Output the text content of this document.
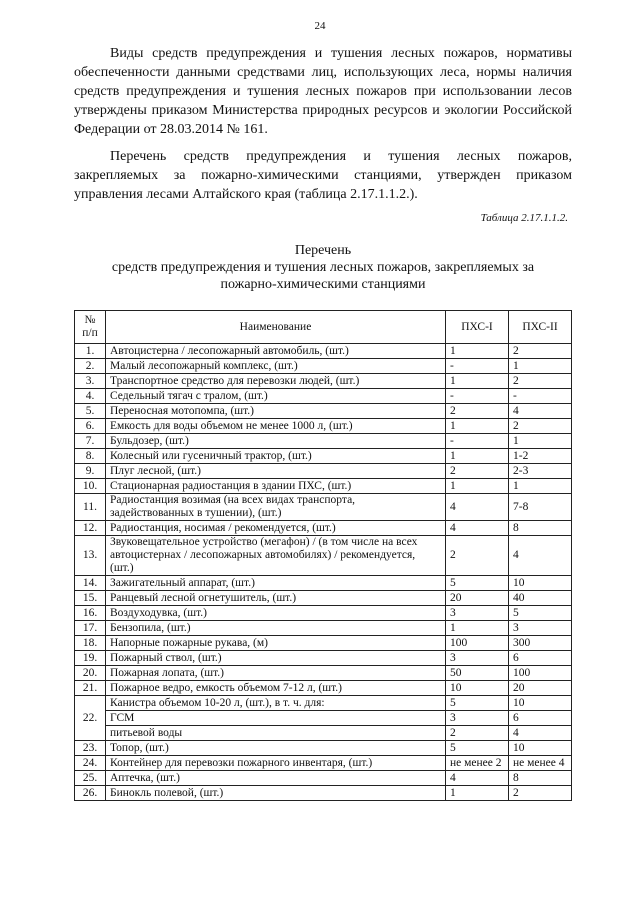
24

Виды средств предупреждения и тушения лесных пожаров, нормативы обеспеченности данными средствами лиц, использующих леса, нормы наличия средств предупреждения и тушения лесных пожаров при использовании лесов утверждены приказом Министерства природных ресурсов и экологии Российской Федерации от 28.03.2014 № 161.

Перечень средств предупреждения и тушения лесных пожаров, закрепляемых за пожарно-химическими станциями, утвержден приказом управления лесами Алтайского края (таблица 2.17.1.1.2.).

Таблица 2.17.1.1.2.
Перечень
средств предупреждения и тушения лесных пожаров, закрепляемых за
пожарно-химическими станциями
№ п/п	Наименование	ПХС-I	ПХС-II
1.	Автоцистерна / лесопожарный автомобиль, (шт.)	1	2
2.	Малый лесопожарный комплекс, (шт.)	-	1
3.	Транспортное средство для перевозки людей, (шт.)	1	2
4.	Седельный тягач с тралом, (шт.)	-	-
5.	Переносная мотопомпа, (шт.)	2	4
6.	Емкость для воды объемом не менее 1000 л, (шт.)	1	2
7.	Бульдозер, (шт.)	-	1
8.	Колесный или гусеничный трактор, (шт.)	1	1-2
9.	Плуг лесной, (шт.)	2	2-3
10.	Стационарная радиостанция в здании ПХС, (шт.)	1	1
11.	Радиостанция возимая (на всех видах транспорта, задействованных в тушении), (шт.)	4	7-8
12.	Радиостанция, носимая / рекомендуется, (шт.)	4	8
13.	Звуковещательное устройство (мегафон) / (в том числе на всех автоцистернах / лесопожарных автомобилях) / рекомендуется, (шт.)	2	4
14.	Зажигательный аппарат, (шт.)	5	10
15.	Ранцевый лесной огнетушитель, (шт.)	20	40
16.	Воздуходувка, (шт.)	3	5
17.	Бензопила, (шт.)	1	3
18.	Напорные пожарные рукава, (м)	100	300
19.	Пожарный ствол, (шт.)	3	6
20.	Пожарная лопата, (шт.)	50	100
21.	Пожарное ведро, емкость объемом 7-12 л, (шт.)	10	20
22.	Канистра объемом 10-20 л, (шт.), в т. ч. для:	5	10
	ГСМ	3	6
	питьевой воды	2	4
23.	Топор, (шт.)	5	10
24.	Контейнер для перевозки пожарного инвентаря, (шт.)	не менее 2	не менее 4
25.	Аптечка, (шт.)	4	8
26.	Бинокль полевой, (шт.)	1	2
